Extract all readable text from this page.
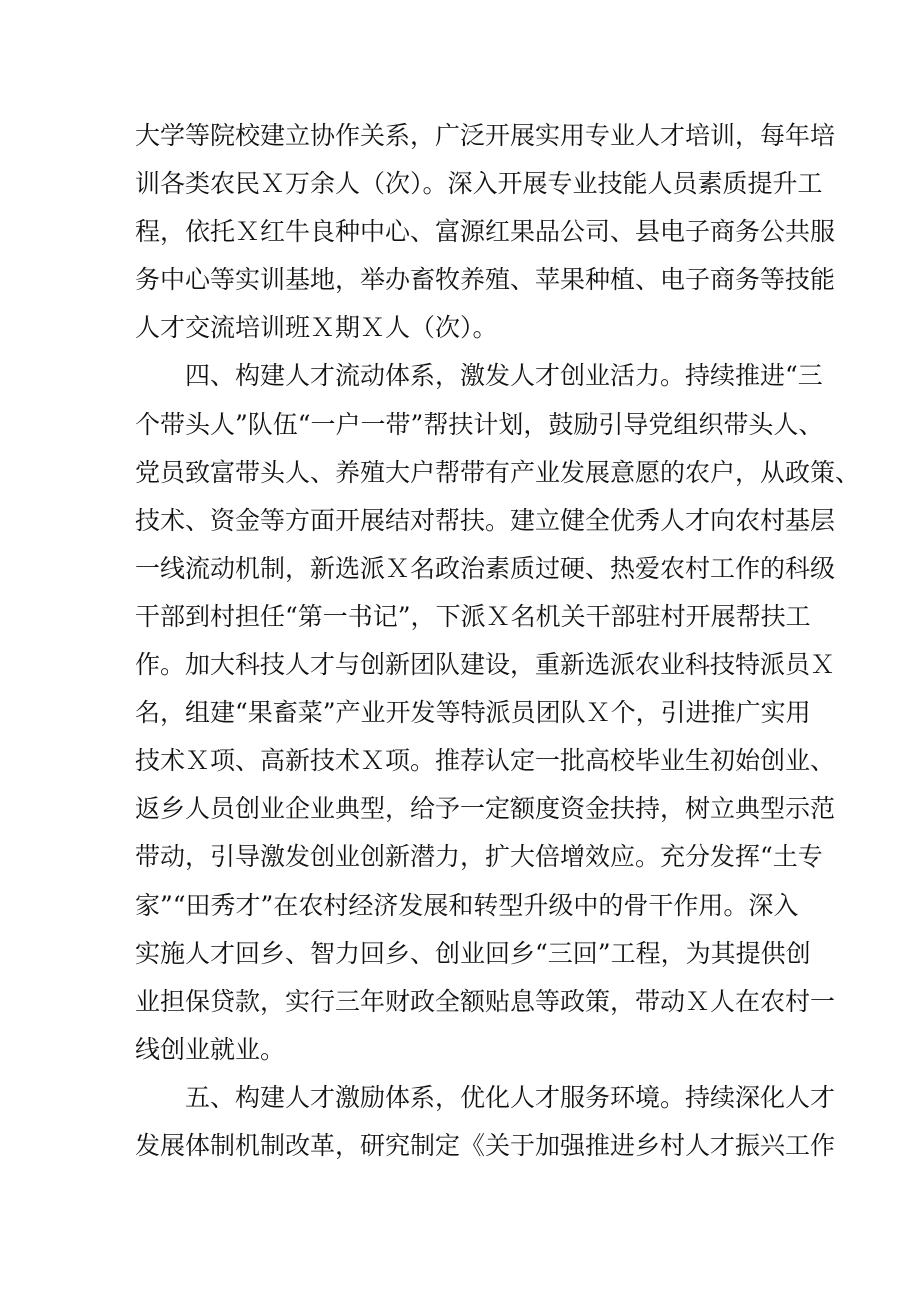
大学等院校建立协作关系，广泛开展实用专业人才培训，每年培
训各类农民Ｘ万余人（次）。深入开展专业技能人员素质提升工
程，依托Ｘ红牛良种中心、富源红果品公司、县电子商务公共服
务中心等实训基地，举办畜牧养殖、苹果种植、电子商务等技能
人才交流培训班Ｘ期Ｘ人（次）。
四、构建人才流动体系，激发人才创业活力。持续推进“三
个带头人”队伍“一户一带”帮扶计划，鼓励引导党组织带头人、
党员致富带头人、养殖大户帮带有产业发展意愿的农户，从政策、
技术、资金等方面开展结对帮扶。建立健全优秀人才向农村基层
一线流动机制，新选派Ｘ名政治素质过硬、热爱农村工作的科级
干部到村担任“第一书记”，下派Ｘ名机关干部驻村开展帮扶工
作。加大科技人才与创新团队建设，重新选派农业科技特派员Ｘ
名，组建“果畜菜”产业开发等特派员团队Ｘ个，引进推广实用
技术Ｘ项、高新技术Ｘ项。推荐认定一批高校毕业生初始创业、
返乡人员创业企业典型，给予一定额度资金扶持，树立典型示范
带动，引导激发创业创新潜力，扩大倍增效应。充分发挥“土专
家”“田秀才”在农村经济发展和转型升级中的骨干作用。深入
实施人才回乡、智力回乡、创业回乡“三回”工程，为其提供创
业担保贷款，实行三年财政全额贴息等政策，带动Ｘ人在农村一
线创业就业。
五、构建人才激励体系，优化人才服务环境。持续深化人才
发展体制机制改革，研究制定《关于加强推进乡村人才振兴工作
